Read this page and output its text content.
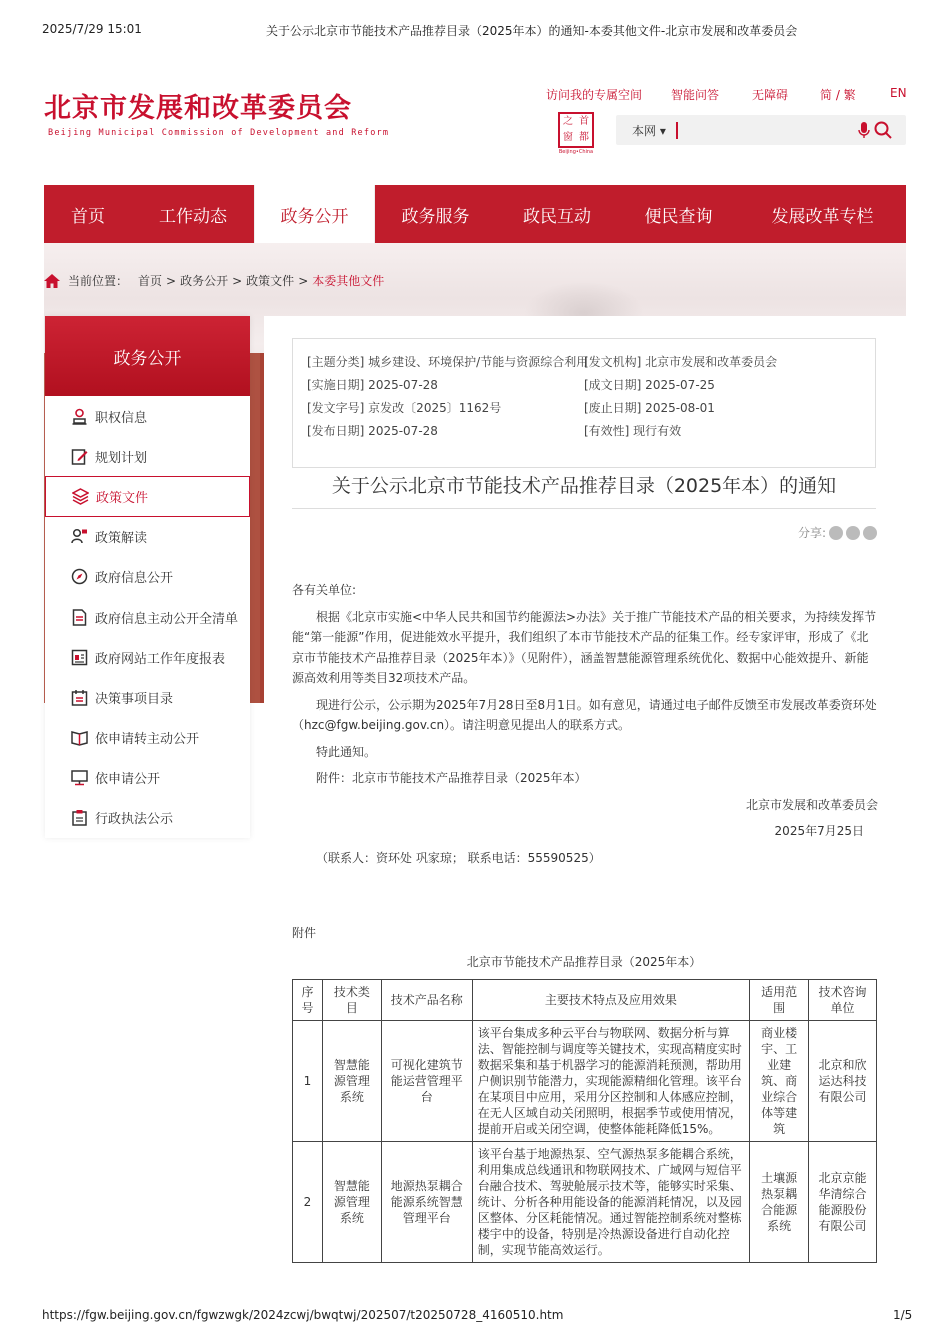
2025/7/29 15:01	关于公示北京市节能技术产品推荐目录（2025年本）的通知-本委其他文件-北京市发展和改革委员会
北京市发展和改革委员会
Beijing Municipal Commission of Development and Reform
访问我的专属空间 智能问答	无障碍	简 / 繁	EN
之 首
窗 都
Beijing•China
本网 ▾
首页	工作动态	政务公开	政务服务	政民互动	便民查询	发展改革专栏
当前位置： 首页 > 政务公开 > 政策文件 > 本委其他文件
政务公开
职权信息
规划计划
政策文件
政策解读
政府信息公开
政府信息主动公开全清单
政府网站工作年度报表
决策事项目录
依申请转主动公开
依申请公开
行政执法公示
[主题分类] 城乡建设、环境保护/节能与资源综合利用
[发文机构] 北京市发展和改革委员会
[实施日期] 2025-07-28	[成文日期] 2025-07-25
[发文字号] 京发改〔2025〕1162号	[废止日期] 2025-08-01
[发布日期] 2025-07-28	[有效性] 现行有效
关于公示北京市节能技术产品推荐目录（2025年本）的通知
分享:

各有关单位:

根据《北京市实施<中华人民共和国节约能源法>办法》关于推广节能技术产品的相关要求，为持续发挥节能“第一能源”作用，促进能效水平提升，我们组织了本市节能技术产品的征集工作。经专家评审，形成了《北京市节能技术产品推荐目录（2025年本）》（见附件），涵盖智慧能源管理系统优化、数据中心能效提升、新能源高效利用等类目32项技术产品。

现进行公示，公示期为2025年7月28日至8月1日。如有意见，请通过电子邮件反馈至市发展改革委资环处（hzc@fgw.beijing.gov.cn）。请注明意见提出人的联系方式。

特此通知。

附件：北京市节能技术产品推荐目录（2025年本）

北京市发展和改革委员会

2025年7月25日

（联系人：资环处 巩家琼； 联系电话：55590525）

附件
北京市节能技术产品推荐目录（2025年本）
序号	技术类目	技术产品名称	主要技术特点及应用效果	适用范围	技术咨询单位
1	智慧能源管理系统	可视化建筑节能运营管理平台	该平台集成多种云平台与物联网、数据分析与算法、智能控制与调度等关键技术，实现高精度实时数据采集和基于机器学习的能源消耗预测，帮助用户侧识别节能潜力，实现能源精细化管理。该平台在某项目中应用，采用分区控制和人体感应控制，在无人区域自动关闭照明，根据季节或使用情况，提前开启或关闭空调，使整体能耗降低15%。	商业楼宇、工业建筑、商业综合体等建筑	北京和欣运达科技有限公司
2	智慧能源管理系统	地源热泵耦合能源系统智慧管理平台	该平台基于地源热泵、空气源热泵多能耦合系统，利用集成总线通讯和物联网技术、广域网与短信平台融合技术、驾驶舱展示技术等，能够实时采集、统计、分析各种用能设备的能源消耗情况，以及园区整体、分区耗能情况。通过智能控制系统对整栋楼宇中的设备，特别是冷热源设备进行自动化控制，实现节能高效运行。	土壤源热泵耦合能源系统	北京京能华清综合能源股份有限公司
https://fgw.beijing.gov.cn/fgwzwgk/2024zcwj/bwqtwj/202507/t20250728_4160510.htm	1/5
